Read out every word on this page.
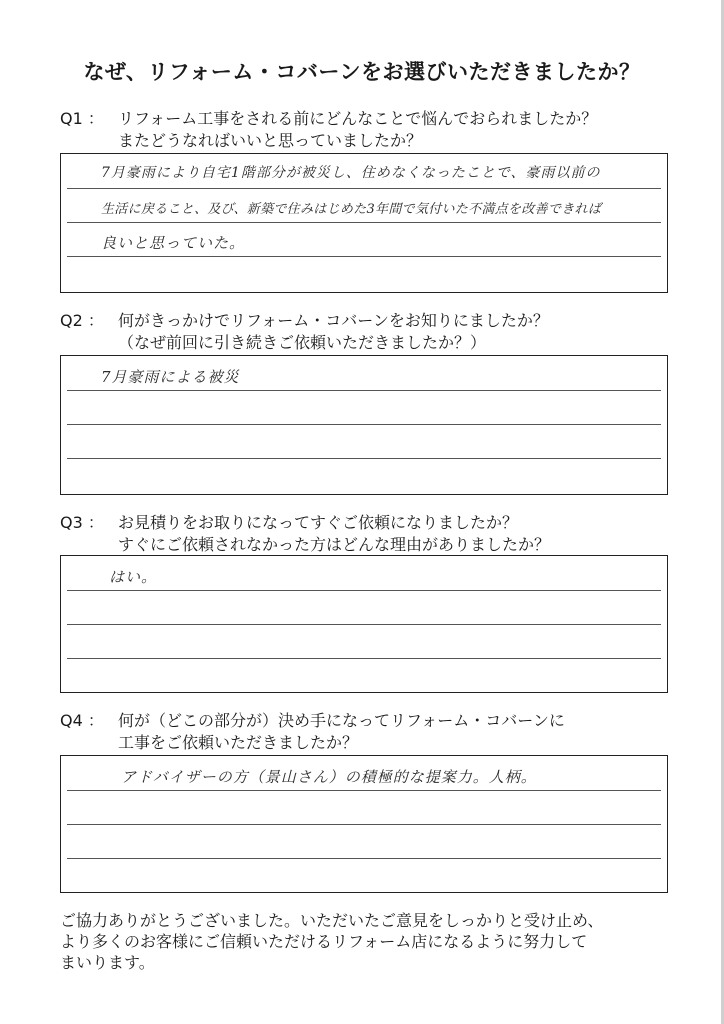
なぜ、リフォーム・コバーンをお選びいただきましたか？
Q1 ： リフォーム工事をされる前にどんなことで悩んでおられましたか？
またどうなればいいと思っていましたか？
7月豪雨により自宅1階部分が被災し、住めなくなったことで、豪雨以前の
生活に戻ること、及び、新築で住みはじめた3年間で気付いた不満点を改善できれば
良いと思っていた。
Q2 ： 何がきっかけでリフォーム・コバーンをお知りにましたか？
（なぜ前回に引き続きご依頼いただきましたか？）
7月豪雨による被災
Q3 ： お見積りをお取りになってすぐご依頼になりましたか？
すぐにご依頼されなかった方はどんな理由がありましたか？
はい。
Q4 ： 何が（どこの部分が）決め手になってリフォーム・コバーンに
工事をご依頼いただきましたか？
アドバイザーの方（景山さん）の積極的な提案力。人柄。
ご協力ありがとうございました。いただいたご意見をしっかりと受け止め、
より多くのお客様にご信頼いただけるリフォーム店になるように努力して
まいります。
